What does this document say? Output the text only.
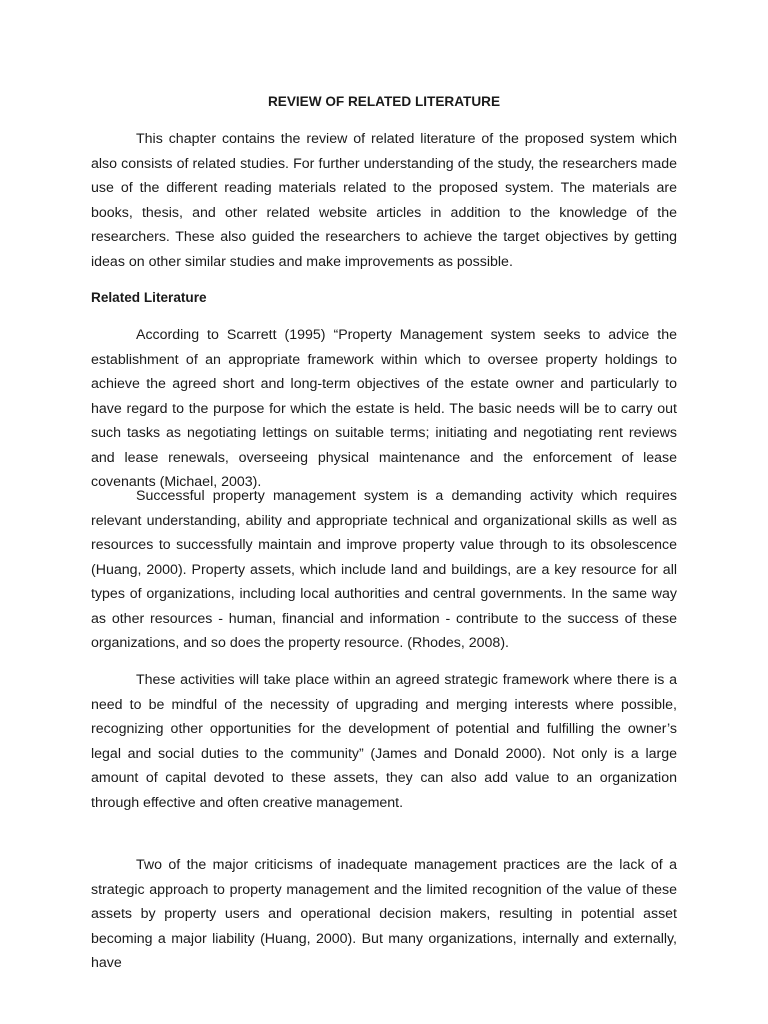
REVIEW OF RELATED LITERATURE

This chapter contains the review of related literature of the proposed system which also consists of related studies. For further understanding of the study, the researchers made use of the different reading materials related to the proposed system. The materials are books, thesis, and other related website articles in addition to the knowledge of the researchers. These also guided the researchers to achieve the target objectives by getting ideas on other similar studies and make improvements as possible.

Related Literature

According to Scarrett (1995) “Property Management system seeks to advice the establishment of an appropriate framework within which to oversee property holdings to achieve the agreed short and long-term objectives of the estate owner and particularly to have regard to the purpose for which the estate is held. The basic needs will be to carry out such tasks as negotiating lettings on suitable terms; initiating and negotiating rent reviews and lease renewals, overseeing physical maintenance and the enforcement of lease covenants (Michael, 2003).

Successful property management system is a demanding activity which requires relevant understanding, ability and appropriate technical and organizational skills as well as resources to successfully maintain and improve property value through to its obsolescence (Huang, 2000). Property assets, which include land and buildings, are a key resource for all types of organizations, including local authorities and central governments. In the same way as other resources - human, financial and information - contribute to the success of these organizations, and so does the property resource. (Rhodes, 2008).

These activities will take place within an agreed strategic framework where there is a need to be mindful of the necessity of upgrading and merging interests where possible, recognizing other opportunities for the development of potential and fulfilling the owner’s legal and social duties to the community” (James and Donald 2000). Not only is a large amount of capital devoted to these assets, they can also add value to an organization through effective and often creative management.

Two of the major criticisms of inadequate management practices are the lack of a strategic approach to property management and the limited recognition of the value of these assets by property users and operational decision makers, resulting in potential asset becoming a major liability (Huang, 2000). But many organizations, internally and externally, have
